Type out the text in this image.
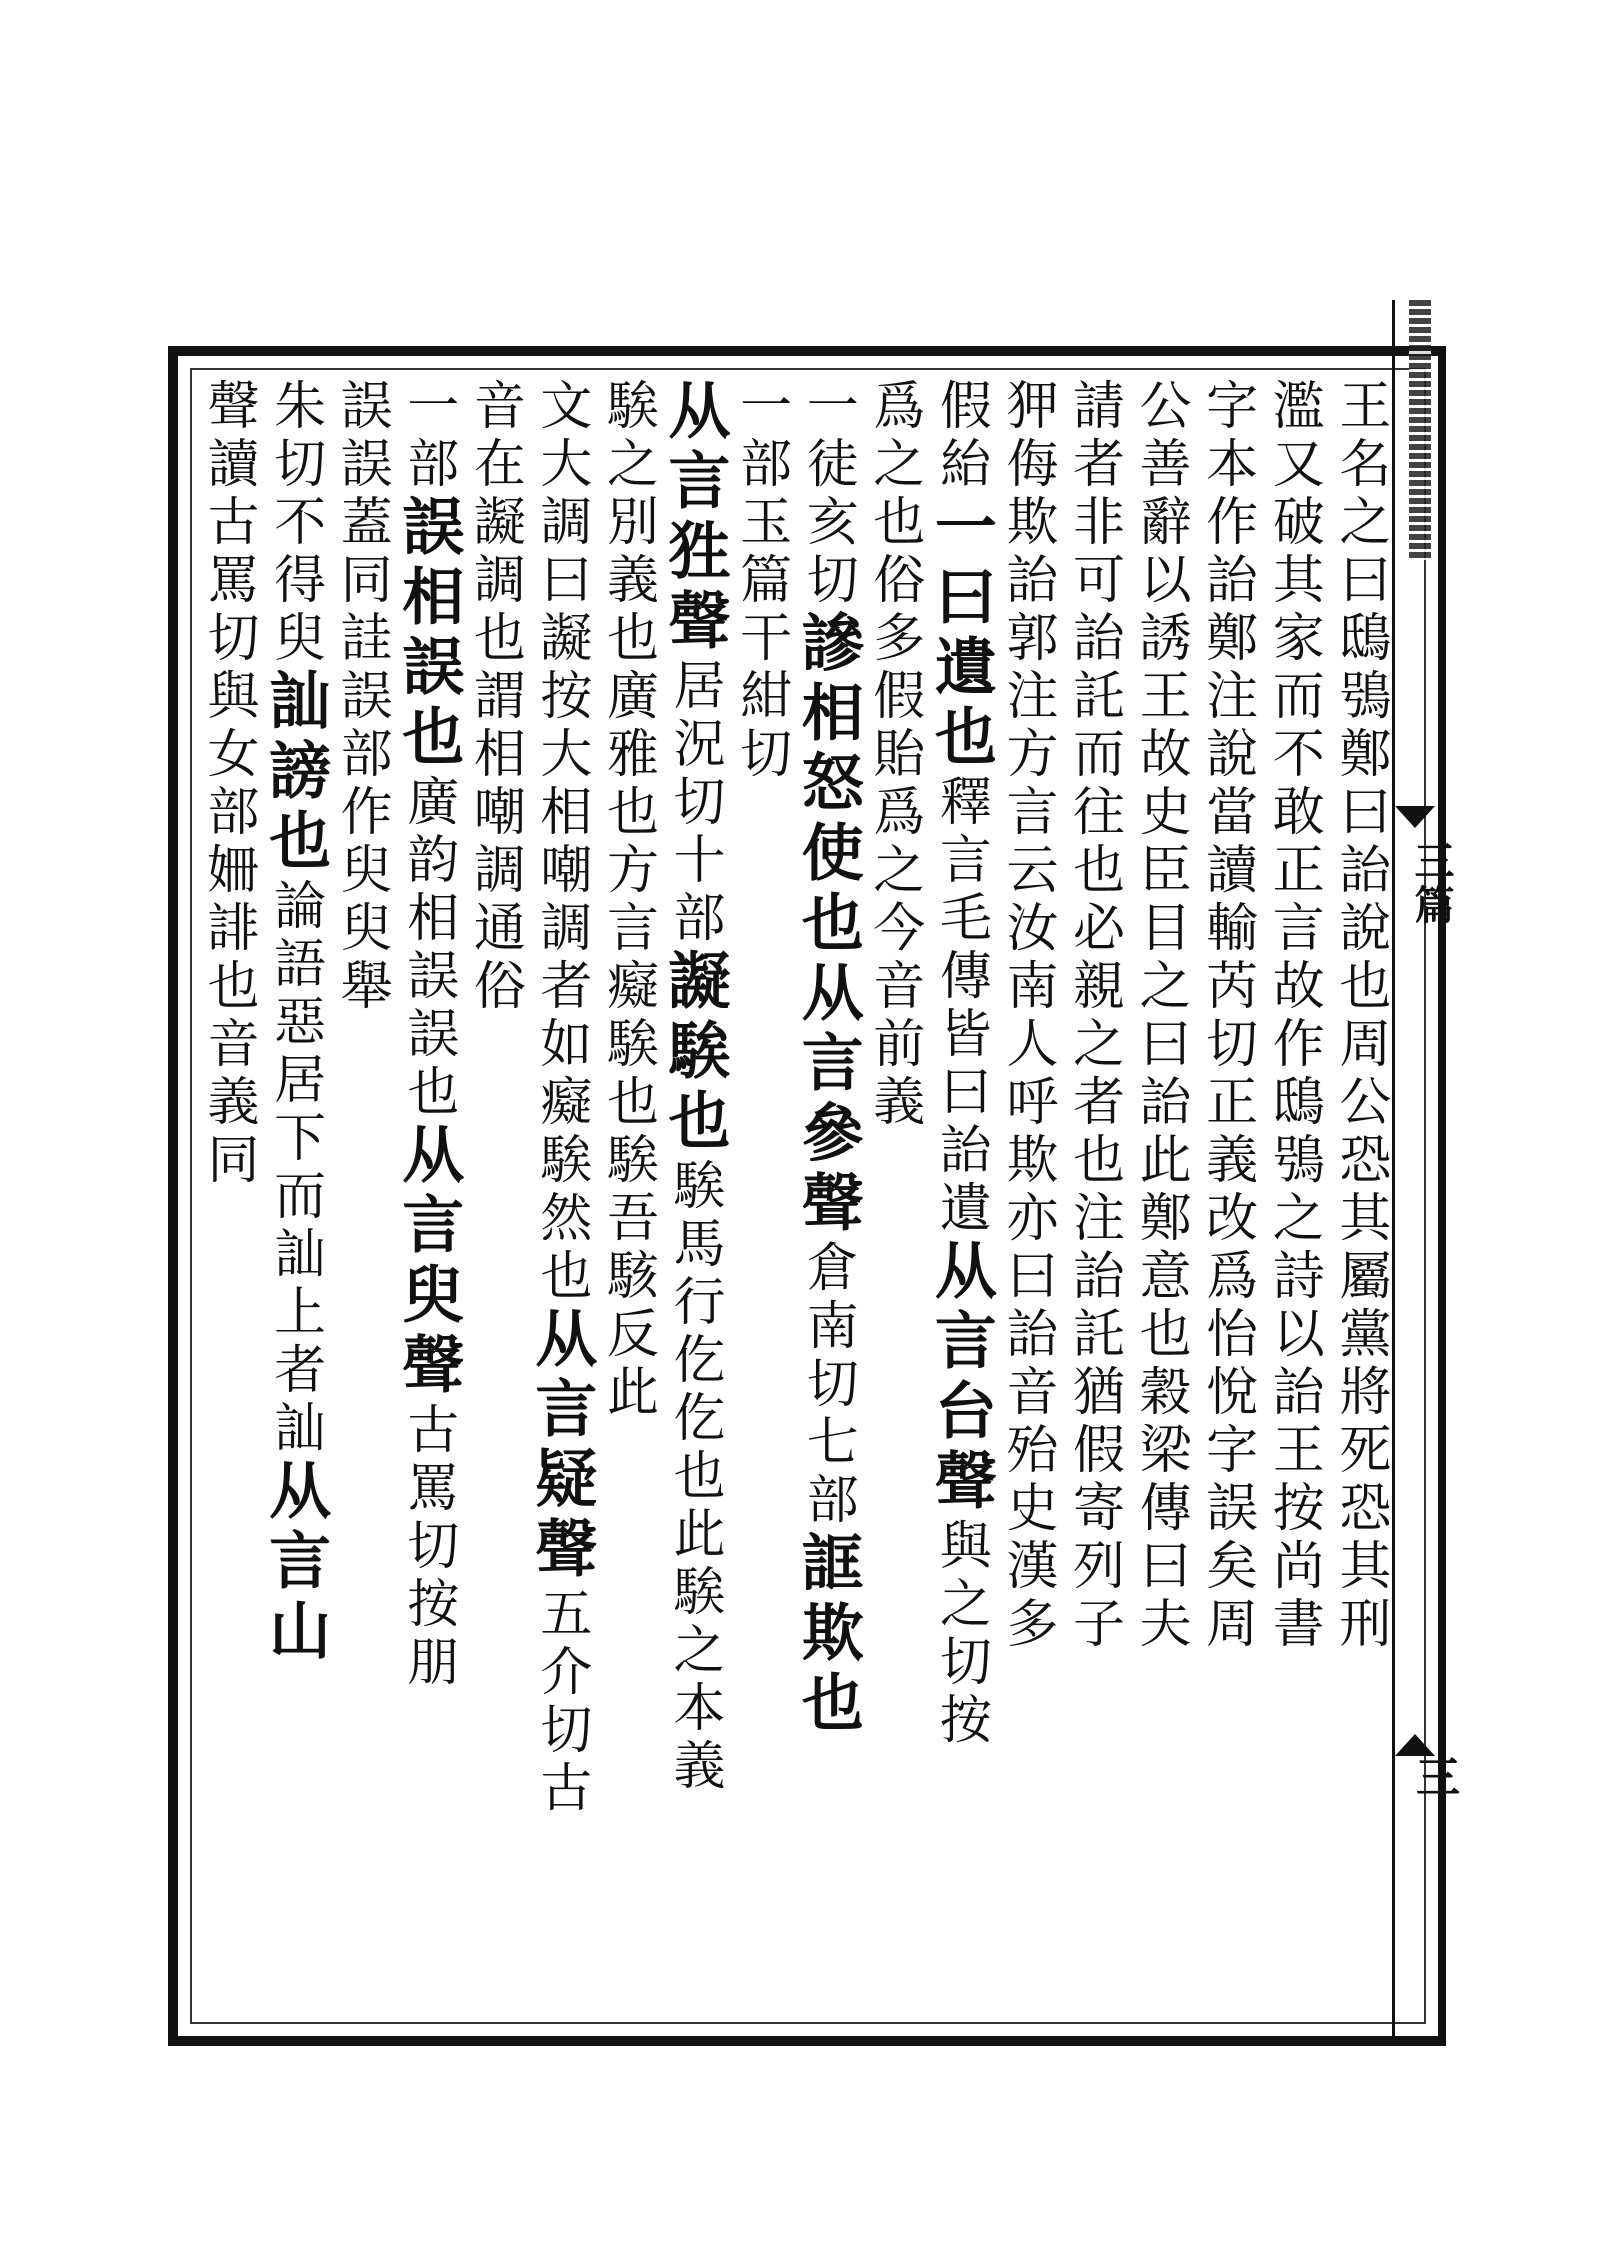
三篇
三
王名之曰鴟鴞鄭曰詒說也周公恐其屬黨將死恐其刑
濫又破其家而不敢正言故作鴟鴞之詩以詒王按尚書
字本作詒鄭注說當讀輸芮切正義改爲怡悅字誤矣周
公善辭以誘王故史臣目之曰詒此鄭意也穀梁傳曰夫
請者非可詒託而往也必親之者也注詒託猶假寄列子
狎侮欺詒郭注方言云汝南人呼欺亦曰詒音殆史漢多
假紿一曰遺也釋言毛傳皆曰詒遺从言台聲與之切按
爲之也俗多假貽爲之今音前義
一徒亥切謲相怒使也从言參聲倉南切七部誆欺也
一部玉篇干紺切
从言狌聲居況切十部譺騃也騃馬行仡仡也此騃之本義
騃之別義也廣雅也方言癡騃也騃吾駭反此
文大調曰譺按大相嘲調者如癡騃然也从言疑聲五介切古
音在譺調也謂相嘲調通俗
一部誤相誤也廣韵相誤誤也从言臾聲古罵切按朋
誤誤蓋同詿誤部作臾臾舉
朱切不得臾訕謗也論語惡居下而訕上者訕从言山
聲讀古罵切與女部姍誹也音義同
